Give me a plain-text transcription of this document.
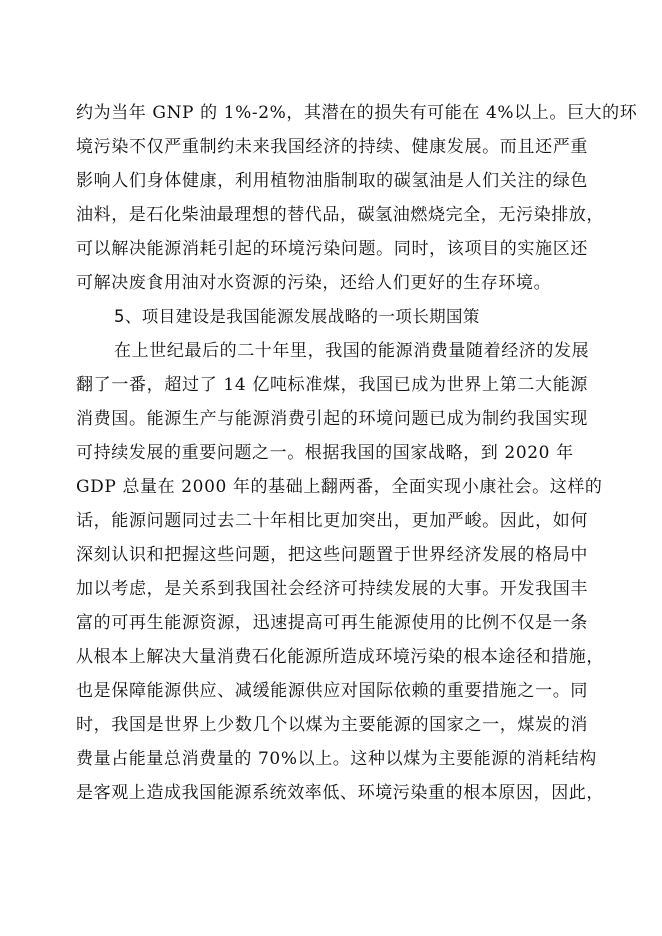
约为当年 GNP 的 1%-2%，其潜在的损失有可能在 4%以上。巨大的环
境污染不仅严重制约未来我国经济的持续、健康发展。而且还严重
影响人们身体健康，利用植物油脂制取的碳氢油是人们关注的绿色
油料，是石化柴油最理想的替代品，碳氢油燃烧完全，无污染排放，
可以解决能源消耗引起的环境污染问题。同时，该项目的实施区还
可解决废食用油对水资源的污染，还给人们更好的生存环境。
5、项目建设是我国能源发展战略的一项长期国策
在上世纪最后的二十年里，我国的能源消费量随着经济的发展
翻了一番，超过了 14 亿吨标准煤，我国已成为世界上第二大能源
消费国。能源生产与能源消费引起的环境问题已成为制约我国实现
可持续发展的重要问题之一。根据我国的国家战略，到 2020 年
GDP 总量在 2000 年的基础上翻两番，全面实现小康社会。这样的
话，能源问题同过去二十年相比更加突出，更加严峻。因此，如何
深刻认识和把握这些问题，把这些问题置于世界经济发展的格局中
加以考虑，是关系到我国社会经济可持续发展的大事。开发我国丰
富的可再生能源资源，迅速提高可再生能源使用的比例不仅是一条
从根本上解决大量消费石化能源所造成环境污染的根本途径和措施，
也是保障能源供应、减缓能源供应对国际依赖的重要措施之一。同
时，我国是世界上少数几个以煤为主要能源的国家之一，煤炭的消
费量占能量总消费量的 70%以上。这种以煤为主要能源的消耗结构
是客观上造成我国能源系统效率低、环境污染重的根本原因，因此，
